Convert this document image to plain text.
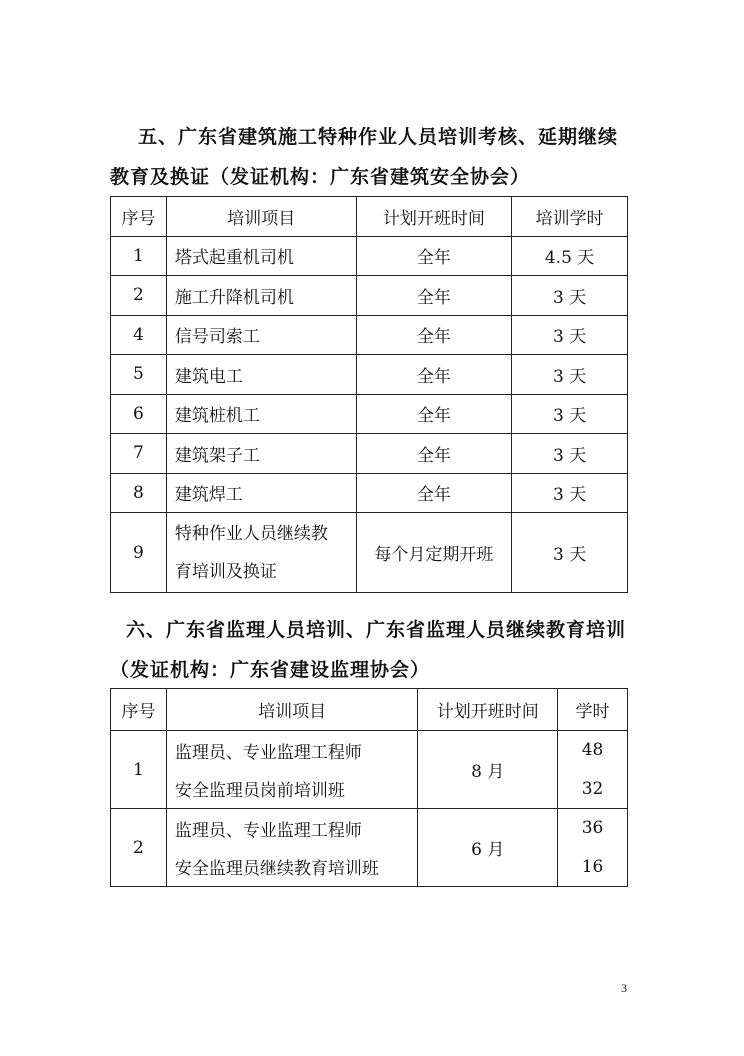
五、广东省建筑施工特种作业人员培训考核、延期继续
教育及换证（发证机构：广东省建筑安全协会）
序号	培训项目	计划开班时间	培训学时
1	塔式起重机司机	全年	4.5 天
2	施工升降机司机	全年	3 天
4	信号司索工	全年	3 天
5	建筑电工	全年	3 天
6	建筑桩机工	全年	3 天
7	建筑架子工	全年	3 天
8	建筑焊工	全年	3 天
9	特种作业人员继续教
育培训及换证	每个月定期开班	3 天
六、广东省监理人员培训、广东省监理人员继续教育培训
（发证机构：广东省建设监理协会）
序号	培训项目	计划开班时间	学时
1	监理员、专业监理工程师	8 月	48
	安全监理员岗前培训班		32
2	监理员、专业监理工程师	6 月	36
	安全监理员继续教育培训班		16
3
